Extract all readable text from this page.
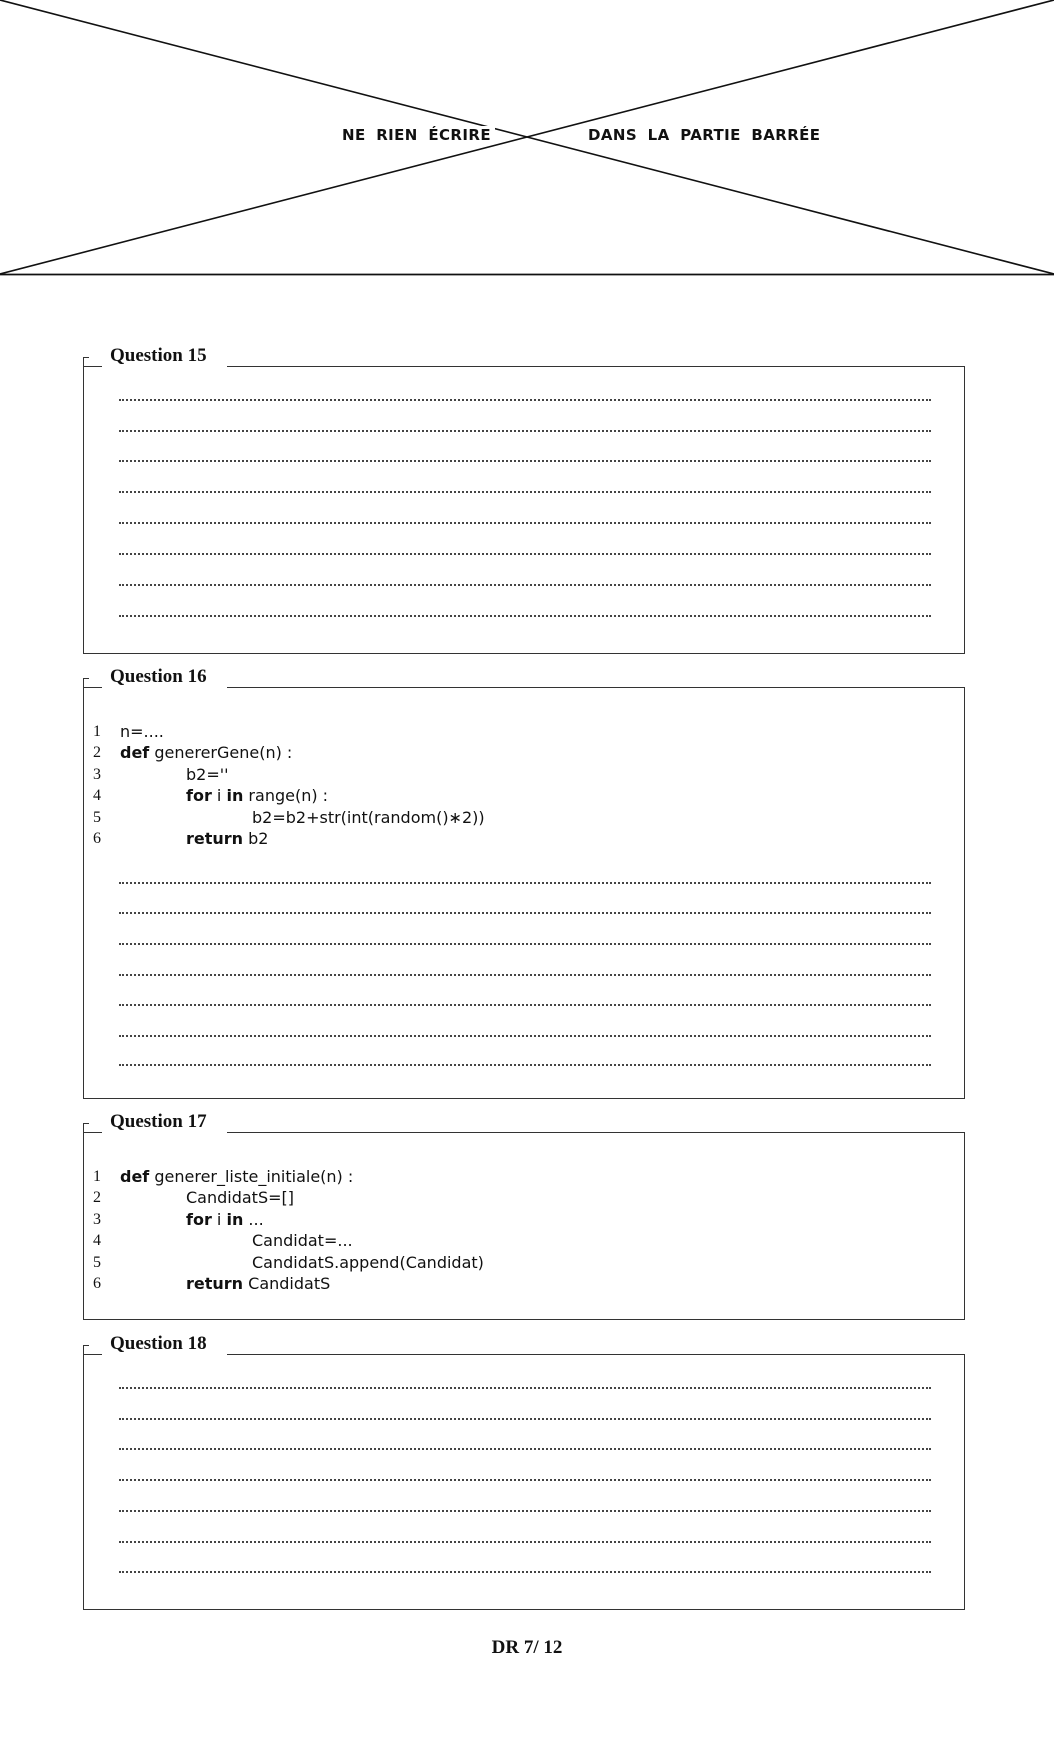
NE RIEN ÉCRIRE	DANS LA PARTIE BARRÉE
Question 15
Question 16
1 n=....
2 def genererGene(n) :
3	b2=''
4	for i in range(n) :
5	b2=b2+str(int(random()∗2))
6	return b2
Question 17
1 def generer_liste_initiale(n) :
2	CandidatS=[]
3	for i in ...
4	Candidat=...
5	CandidatS.append(Candidat)
6	return CandidatS
Question 18
DR 7/ 12
